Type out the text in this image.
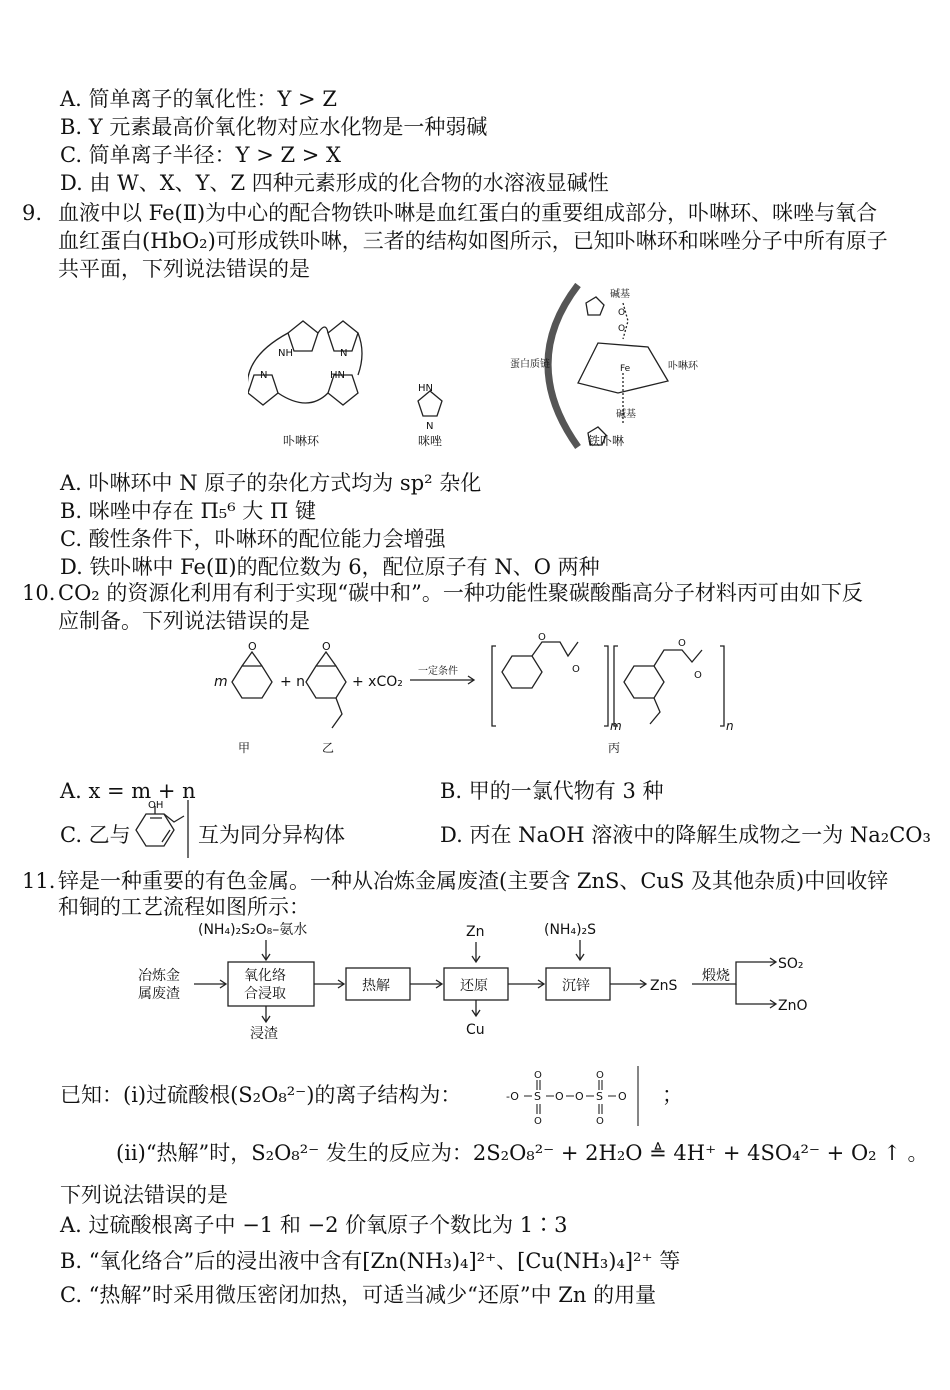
A. 简单离子的氧化性：Y > Z
B. Y 元素最高价氧化物对应水化物是一种弱碱
C. 简单离子半径：Y > Z > X
D. 由 W、X、Y、Z 四种元素形成的化合物的水溶液显碱性
9. 血液中以 Fe(Ⅱ)为中心的配合物铁卟啉是血红蛋白的重要组成部分，卟啉环、咪唑与氧合
血红蛋白(HbO₂)可形成铁卟啉，三者的结构如图所示，已知卟啉环和咪唑分子中所有原子
共平面，下列说法错误的是
NH	N
N	HN
卟啉环
HN
N
咪唑
O
O
Fe
碱基
碱基
蛋白质链	卟啉环
铁卟啉
A. 卟啉环中 N 原子的杂化方式均为 sp² 杂化
B. 咪唑中存在 Π₅⁶ 大 Π 键
C. 酸性条件下，卟啉环的配位能力会增强
D. 铁卟啉中 Fe(Ⅱ)的配位数为 6，配位原子有 N、O 两种
10. CO₂ 的资源化利用有利于实现“碳中和”。一种功能性聚碳酸酯高分子材料丙可由如下反
应制备。下列说法错误的是
m
O
+ n
O
+ xCO₂
一定条件
O
O
m
O
O
n
甲	乙	丙
A. x = m + n	B. 甲的一氯代物有 3 种
C. 乙与
OH
互为同分异构体	D. 丙在 NaOH 溶液中的降解生成物之一为 Na₂CO₃
11. 锌是一种重要的有色金属。一种从冶炼金属废渣(主要含 ZnS、CuS 及其他杂质)中回收锌
和铜的工艺流程如图所示：
(NH₄)₂S₂O₈–氨水	Zn	(NH₄)₂S
冶炼金
属废渣
氧化络
合浸取	热解	还原	沉锌	ZnS
煅烧
SO₂
ZnO
浸渣	Cu
已知：(ⅰ)过硫酸根(S₂O₈²⁻)的离子结构为：	-O S O O S O
O
O
O
O
；
(ⅱ)“热解”时，S₂O₈²⁻ 发生的反应为：2S₂O₈²⁻ + 2H₂O ≜ 4H⁺ + 4SO₄²⁻ + O₂ ↑ 。
下列说法错误的是
A. 过硫酸根离子中 −1 和 −2 价氧原子个数比为 1∶3
B. “氧化络合”后的浸出液中含有[Zn(NH₃)₄]²⁺、[Cu(NH₃)₄]²⁺ 等
C. “热解”时采用微压密闭加热，可适当减少“还原”中 Zn 的用量
